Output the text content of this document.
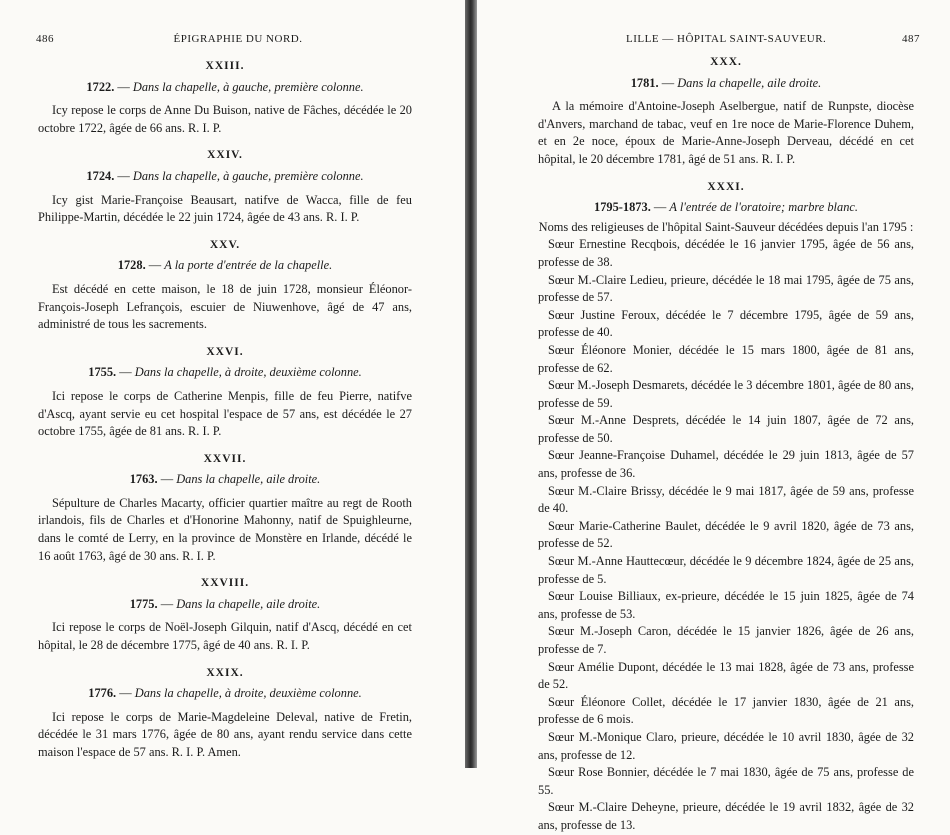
486	ÉPIGRAPHIE DU NORD.
XXIII.
1722. — Dans la chapelle, à gauche, première colonne.

Icy repose le corps de Anne Du Buison, native de Fâches, décédée le 20 octobre 1722, âgée de 66 ans. R. I. P.

XXIV.
1724. — Dans la chapelle, à gauche, première colonne.

Icy gist Marie-Françoise Beausart, natifve de Wacca, fille de feu Philippe-Martin, décédée le 22 juin 1724, âgée de 43 ans. R. I. P.

XXV.
1728. — A la porte d'entrée de la chapelle.

Est décédé en cette maison, le 18 de juin 1728, monsieur Éléonor-François-Joseph Lefrançois, escuier de Niuwenhove, âgé de 47 ans, administré de tous les sacrements.

XXVI.
1755. — Dans la chapelle, à droite, deuxième colonne.

Ici repose le corps de Catherine Menpis, fille de feu Pierre, natifve d'Ascq, ayant servie eu cet hospital l'espace de 57 ans, est décédée le 27 octobre 1755, âgée de 81 ans. R. I. P.

XXVII.
1763. — Dans la chapelle, aile droite.

Sépulture de Charles Macarty, officier quartier maître au regt de Rooth irlandois, fils de Charles et d'Honorine Mahonny, natif de Spuighleurne, dans le comté de Lerry, en la province de Monstère en Irlande, décédé le 16 août 1763, âgé de 30 ans. R. I. P.

XXVIII.
1775. — Dans la chapelle, aile droite.

Ici repose le corps de Noël-Joseph Gilquin, natif d'Ascq, décédé en cet hôpital, le 28 de décembre 1775, âgé de 40 ans. R. I. P.

XXIX.
1776. — Dans la chapelle, à droite, deuxième colonne.

Ici repose le corps de Marie-Magdeleine Deleval, native de Fretin, décédée le 31 mars 1776, âgée de 80 ans, ayant rendu service dans cette maison l'espace de 57 ans. R. I. P. Amen.

LILLE — HÔPITAL SAINT-SAUVEUR.	487
XXX.
1781. — Dans la chapelle, aile droite.

A la mémoire d'Antoine-Joseph Aselbergue, natif de Runpste, diocèse d'Anvers, marchand de tabac, veuf en 1re noce de Marie-Florence Duhem, et en 2e noce, époux de Marie-Anne-Joseph Derveau, décédé en cet hôpital, le 20 décembre 1781, âgé de 51 ans. R. I. P.

XXXI.
1795-1873. — A l'entrée de l'oratoire; marbre blanc.

Noms des religieuses de l'hôpital Saint-Sauveur décédées depuis l'an 1795 :

Sœur Ernestine Recqbois, décédée le 16 janvier 1795, âgée de 56 ans, professe de 38.

Sœur M.-Claire Ledieu, prieure, décédée le 18 mai 1795, âgée de 75 ans, professe de 57.

Sœur Justine Feroux, décédée le 7 décembre 1795, âgée de 59 ans, professe de 40.

Sœur Éléonore Monier, décédée le 15 mars 1800, âgée de 81 ans, professe de 62.

Sœur M.-Joseph Desmarets, décédée le 3 décembre 1801, âgée de 80 ans, professe de 59.

Sœur M.-Anne Desprets, décédée le 14 juin 1807, âgée de 72 ans, professe de 50.

Sœur Jeanne-Françoise Duhamel, décédée le 29 juin 1813, âgée de 57 ans, professe de 36.

Sœur M.-Claire Brissy, décédée le 9 mai 1817, âgée de 59 ans, professe de 40.

Sœur Marie-Catherine Baulet, décédée le 9 avril 1820, âgée de 73 ans, professe de 52.

Sœur M.-Anne Hauttecœur, décédée le 9 décembre 1824, âgée de 25 ans, professe de 5.

Sœur Louise Billiaux, ex-prieure, décédée le 15 juin 1825, âgée de 74 ans, professe de 53.

Sœur M.-Joseph Caron, décédée le 15 janvier 1826, âgée de 26 ans, professe de 7.

Sœur Amélie Dupont, décédée le 13 mai 1828, âgée de 73 ans, professe de 52.

Sœur Éléonore Collet, décédée le 17 janvier 1830, âgée de 21 ans, professe de 6 mois.

Sœur M.-Monique Claro, prieure, décédée le 10 avril 1830, âgée de 32 ans, professe de 12.

Sœur Rose Bonnier, décédée le 7 mai 1830, âgée de 75 ans, professe de 55.

Sœur M.-Claire Deheyne, prieure, décédée le 19 avril 1832, âgée de 32 ans, professe de 13.
